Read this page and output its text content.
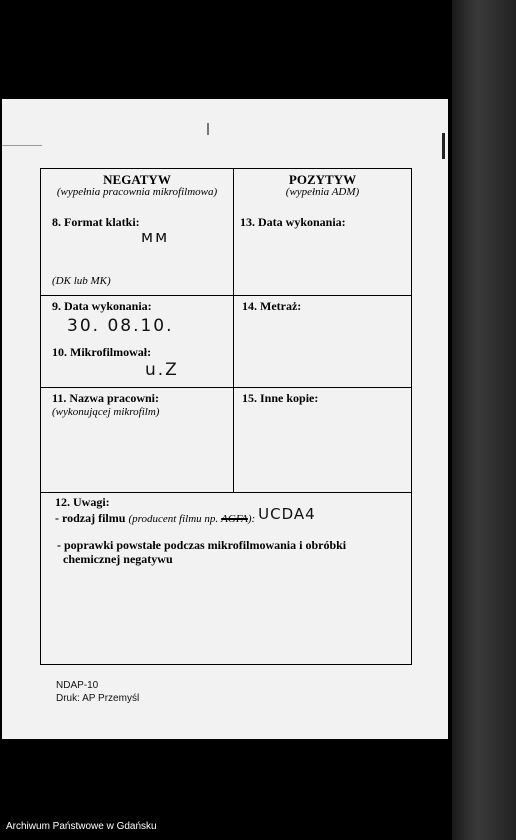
NEGATYW
(wypełnia pracownia mikrofilmowa)
8. Format klatki:
мм
(DK lub MK)
POZYTYW
(wypełnia ADM)
13. Data wykonania:
9. Data wykonania:
30. 08.10.
10. Mikrofilmował:
u.Z
14. Metraż:
11. Nazwa pracowni:
(wykonującej mikrofilm)
15. Inne kopie:
12. Uwagi:
- rodzaj filmu (producent filmu np. AGFA): UCDA4
- poprawki powstałe podczas mikrofilmowania i obróbki
chemicznej negatywu
NDAP-10
Druk: AP Przemyśl
Archiwum Państwowe w Gdańsku
